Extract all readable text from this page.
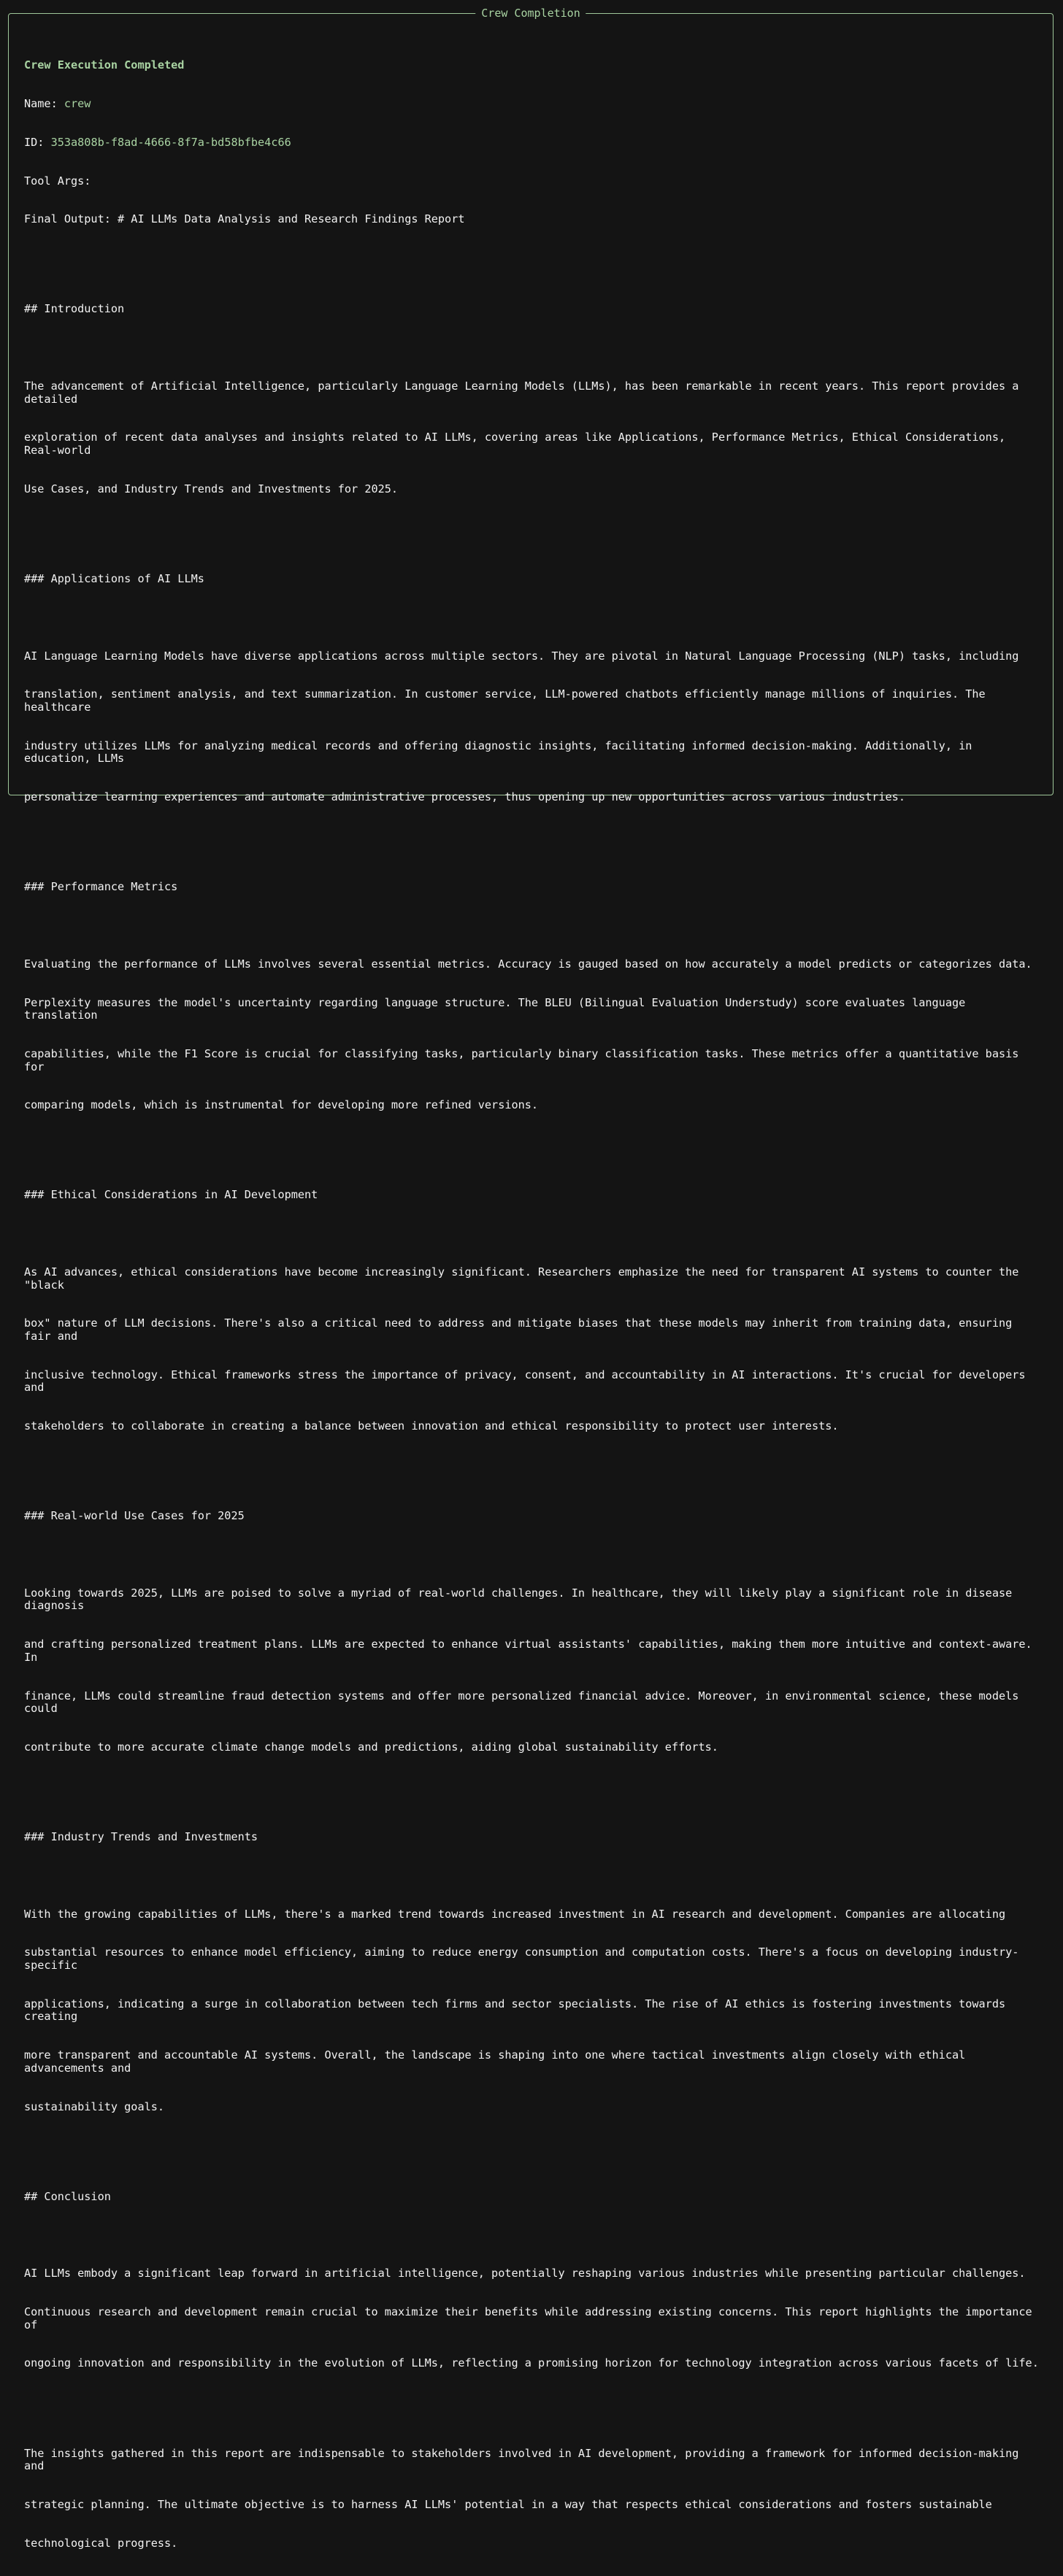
Crew Completion

Crew Execution Completed

Name: crew

ID: 353a808b-f8ad-4666-8f7a-bd58bfbe4c66

Tool Args:

Final Output: # AI LLMs Data Analysis and Research Findings Report

## Introduction

The advancement of Artificial Intelligence, particularly Language Learning Models (LLMs), has been remarkable in recent years. This report provides a detailed

exploration of recent data analyses and insights related to AI LLMs, covering areas like Applications, Performance Metrics, Ethical Considerations, Real-world

Use Cases, and Industry Trends and Investments for 2025.

### Applications of AI LLMs

AI Language Learning Models have diverse applications across multiple sectors. They are pivotal in Natural Language Processing (NLP) tasks, including

translation, sentiment analysis, and text summarization. In customer service, LLM-powered chatbots efficiently manage millions of inquiries. The healthcare

industry utilizes LLMs for analyzing medical records and offering diagnostic insights, facilitating informed decision-making. Additionally, in education, LLMs

personalize learning experiences and automate administrative processes, thus opening up new opportunities across various industries.

### Performance Metrics

Evaluating the performance of LLMs involves several essential metrics. Accuracy is gauged based on how accurately a model predicts or categorizes data.

Perplexity measures the model's uncertainty regarding language structure. The BLEU (Bilingual Evaluation Understudy) score evaluates language translation

capabilities, while the F1 Score is crucial for classifying tasks, particularly binary classification tasks. These metrics offer a quantitative basis for

comparing models, which is instrumental for developing more refined versions.

### Ethical Considerations in AI Development

As AI advances, ethical considerations have become increasingly significant. Researchers emphasize the need for transparent AI systems to counter the "black

box" nature of LLM decisions. There's also a critical need to address and mitigate biases that these models may inherit from training data, ensuring fair and

inclusive technology. Ethical frameworks stress the importance of privacy, consent, and accountability in AI interactions. It's crucial for developers and

stakeholders to collaborate in creating a balance between innovation and ethical responsibility to protect user interests.

### Real-world Use Cases for 2025

Looking towards 2025, LLMs are poised to solve a myriad of real-world challenges. In healthcare, they will likely play a significant role in disease diagnosis

and crafting personalized treatment plans. LLMs are expected to enhance virtual assistants' capabilities, making them more intuitive and context-aware. In

finance, LLMs could streamline fraud detection systems and offer more personalized financial advice. Moreover, in environmental science, these models could

contribute to more accurate climate change models and predictions, aiding global sustainability efforts.

### Industry Trends and Investments

With the growing capabilities of LLMs, there's a marked trend towards increased investment in AI research and development. Companies are allocating

substantial resources to enhance model efficiency, aiming to reduce energy consumption and computation costs. There's a focus on developing industry-specific

applications, indicating a surge in collaboration between tech firms and sector specialists. The rise of AI ethics is fostering investments towards creating

more transparent and accountable AI systems. Overall, the landscape is shaping into one where tactical investments align closely with ethical advancements and

sustainability goals.

## Conclusion

AI LLMs embody a significant leap forward in artificial intelligence, potentially reshaping various industries while presenting particular challenges.

Continuous research and development remain crucial to maximize their benefits while addressing existing concerns. This report highlights the importance of

ongoing innovation and responsibility in the evolution of LLMs, reflecting a promising horizon for technology integration across various facets of life.

The insights gathered in this report are indispensable to stakeholders involved in AI development, providing a framework for informed decision-making and

strategic planning. The ultimate objective is to harness AI LLMs' potential in a way that respects ethical considerations and fosters sustainable

technological progress.
